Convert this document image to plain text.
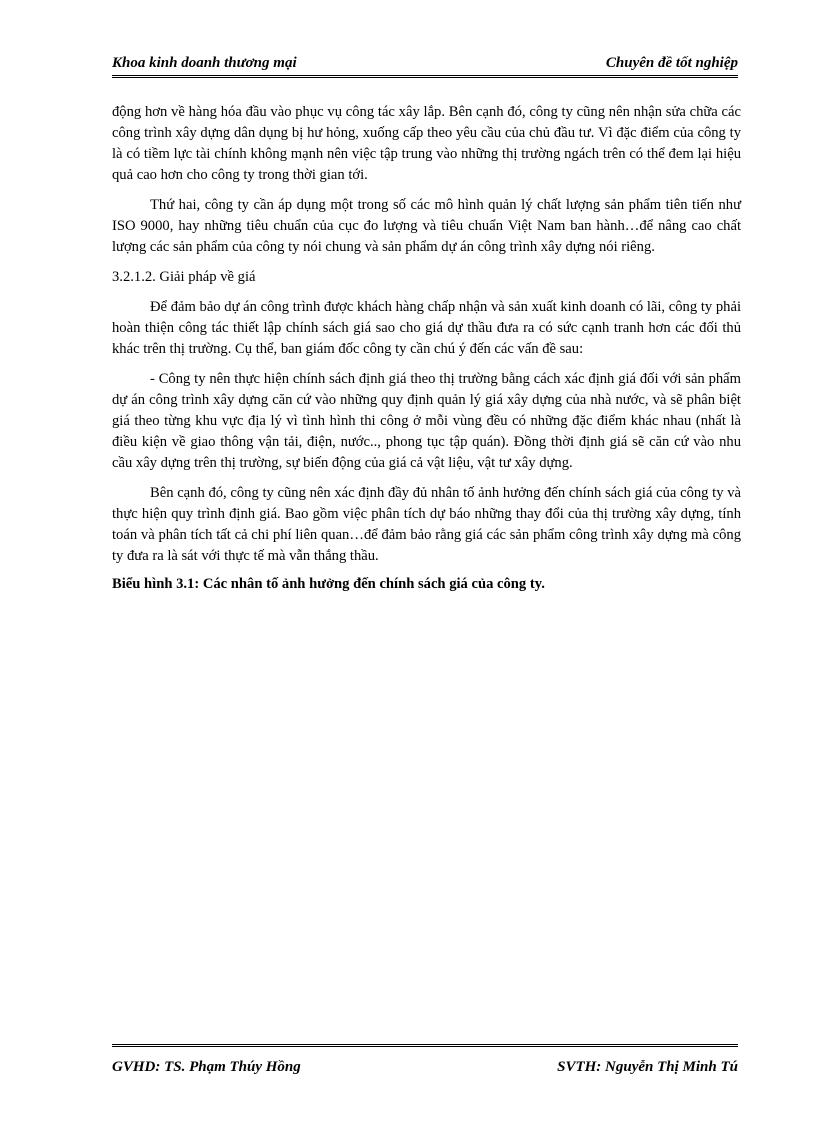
Khoa kinh doanh thương mại	Chuyên đề tốt nghiệp

động hơn về hàng hóa đầu vào phục vụ công tác xây lắp. Bên cạnh đó, công ty cũng nên nhận sửa chữa các công trình xây dựng dân dụng bị hư hỏng, xuống cấp theo yêu cầu của chủ đầu tư. Vì đặc điểm của công ty là có tiềm lực tài chính không mạnh nên việc tập trung vào những thị trường ngách trên có thể đem lại hiệu quả cao hơn cho công ty trong thời gian tới.

Thứ hai, công ty cần áp dụng một trong số các mô hình quản lý chất lượng sản phẩm tiên tiến như ISO 9000, hay những tiêu chuẩn của cục đo lượng và tiêu chuẩn Việt Nam ban hành…để nâng cao chất lượng các sản phẩm của công ty nói chung và sản phẩm dự án công trình xây dựng nói riêng.

3.2.1.2. Giải pháp về giá

Để đảm bảo dự án công trình được khách hàng chấp nhận và sản xuất kinh doanh có lãi, công ty phải hoàn thiện công tác thiết lập chính sách giá sao cho giá dự thầu đưa ra có sức cạnh tranh hơn các đối thủ khác trên thị trường. Cụ thể, ban giám đốc công ty cần chú ý đến các vấn đề sau:

- Công ty nên thực hiện chính sách định giá theo thị trường bằng cách xác định giá đối với sản phẩm dự án công trình xây dựng căn cứ vào những quy định quản lý giá xây dựng của nhà nước, và sẽ phân biệt giá theo từng khu vực địa lý vì tình hình thi công ở mỗi vùng đều có những đặc điểm khác nhau (nhất là điều kiện về giao thông vận tải, điện, nước.., phong tục tập quán). Đồng thời định giá sẽ căn cứ vào nhu cầu xây dựng trên thị trường, sự biến động của giá cả vật liệu, vật tư xây dựng.

Bên cạnh đó, công ty cũng nên xác định đầy đủ nhân tố ảnh hưởng đến chính sách giá của công ty và thực hiện quy trình định giá. Bao gồm việc phân tích dự báo những thay đổi của thị trường xây dựng, tính toán và phân tích tất cả chi phí liên quan…để đảm bảo rằng giá các sản phẩm công trình xây dựng mà công ty đưa ra là sát với thực tế mà vẫn thắng thầu.

Biểu hình 3.1: Các nhân tố ảnh hưởng đến chính sách giá của công ty.

GVHD: TS. Phạm Thúy Hồng	SVTH: Nguyễn Thị Minh Tú
